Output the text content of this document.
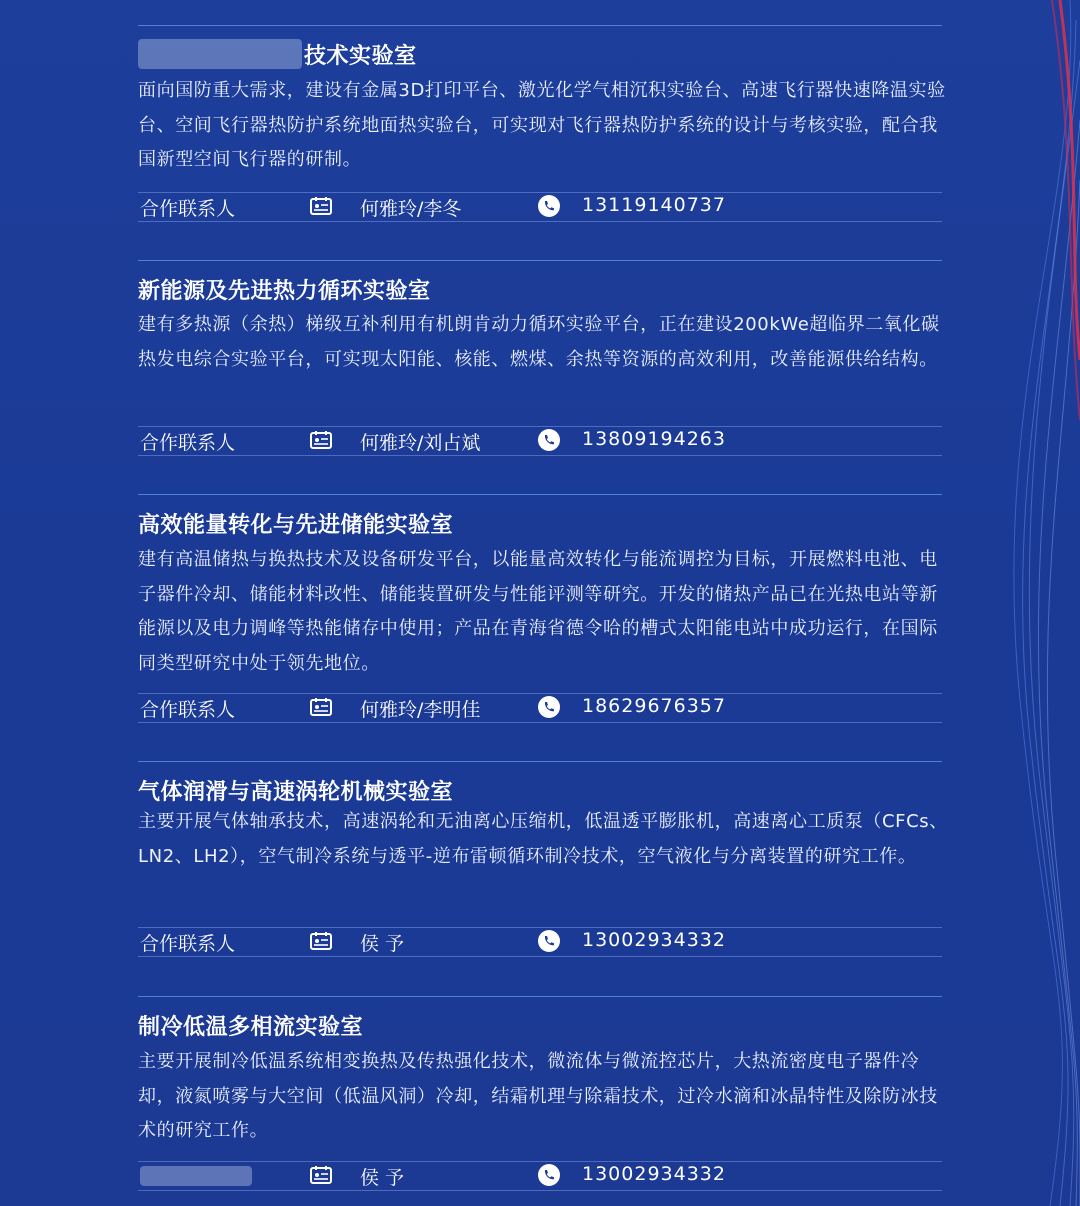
技术实验室
面向国防重大需求，建设有金属3D打印平台、激光化学气相沉积实验台、高速飞行器快速降温实验台、空间飞行器热防护系统地面热实验台，可实现对飞行器热防护系统的设计与考核实验，配合我国新型空间飞行器的研制。
合作联系人	何雅玲/李冬	13119140737
新能源及先进热力循环实验室
建有多热源（余热）梯级互补利用有机朗肯动力循环实验平台，正在建设200kWe超临界二氧化碳热发电综合实验平台，可实现太阳能、核能、燃煤、余热等资源的高效利用，改善能源供给结构。
合作联系人	何雅玲/刘占斌	13809194263
高效能量转化与先进储能实验室
建有高温储热与换热技术及设备研发平台，以能量高效转化与能流调控为目标，开展燃料电池、电子器件冷却、储能材料改性、储能装置研发与性能评测等研究。开发的储热产品已在光热电站等新能源以及电力调峰等热能储存中使用；产品在青海省德令哈的槽式太阳能电站中成功运行，在国际同类型研究中处于领先地位。
合作联系人	何雅玲/李明佳	18629676357
气体润滑与高速涡轮机械实验室
主要开展气体轴承技术，高速涡轮和无油离心压缩机，低温透平膨胀机，高速离心工质泵（CFCs、LN2、LH2），空气制冷系统与透平-逆布雷顿循环制冷技术，空气液化与分离装置的研究工作。
合作联系人	侯 予	13002934332
制冷低温多相流实验室
主要开展制冷低温系统相变换热及传热强化技术，微流体与微流控芯片，大热流密度电子器件冷却，液氮喷雾与大空间（低温风洞）冷却，结霜机理与除霜技术，过冷水滴和冰晶特性及除防冰技术的研究工作。
侯 予	13002934332
